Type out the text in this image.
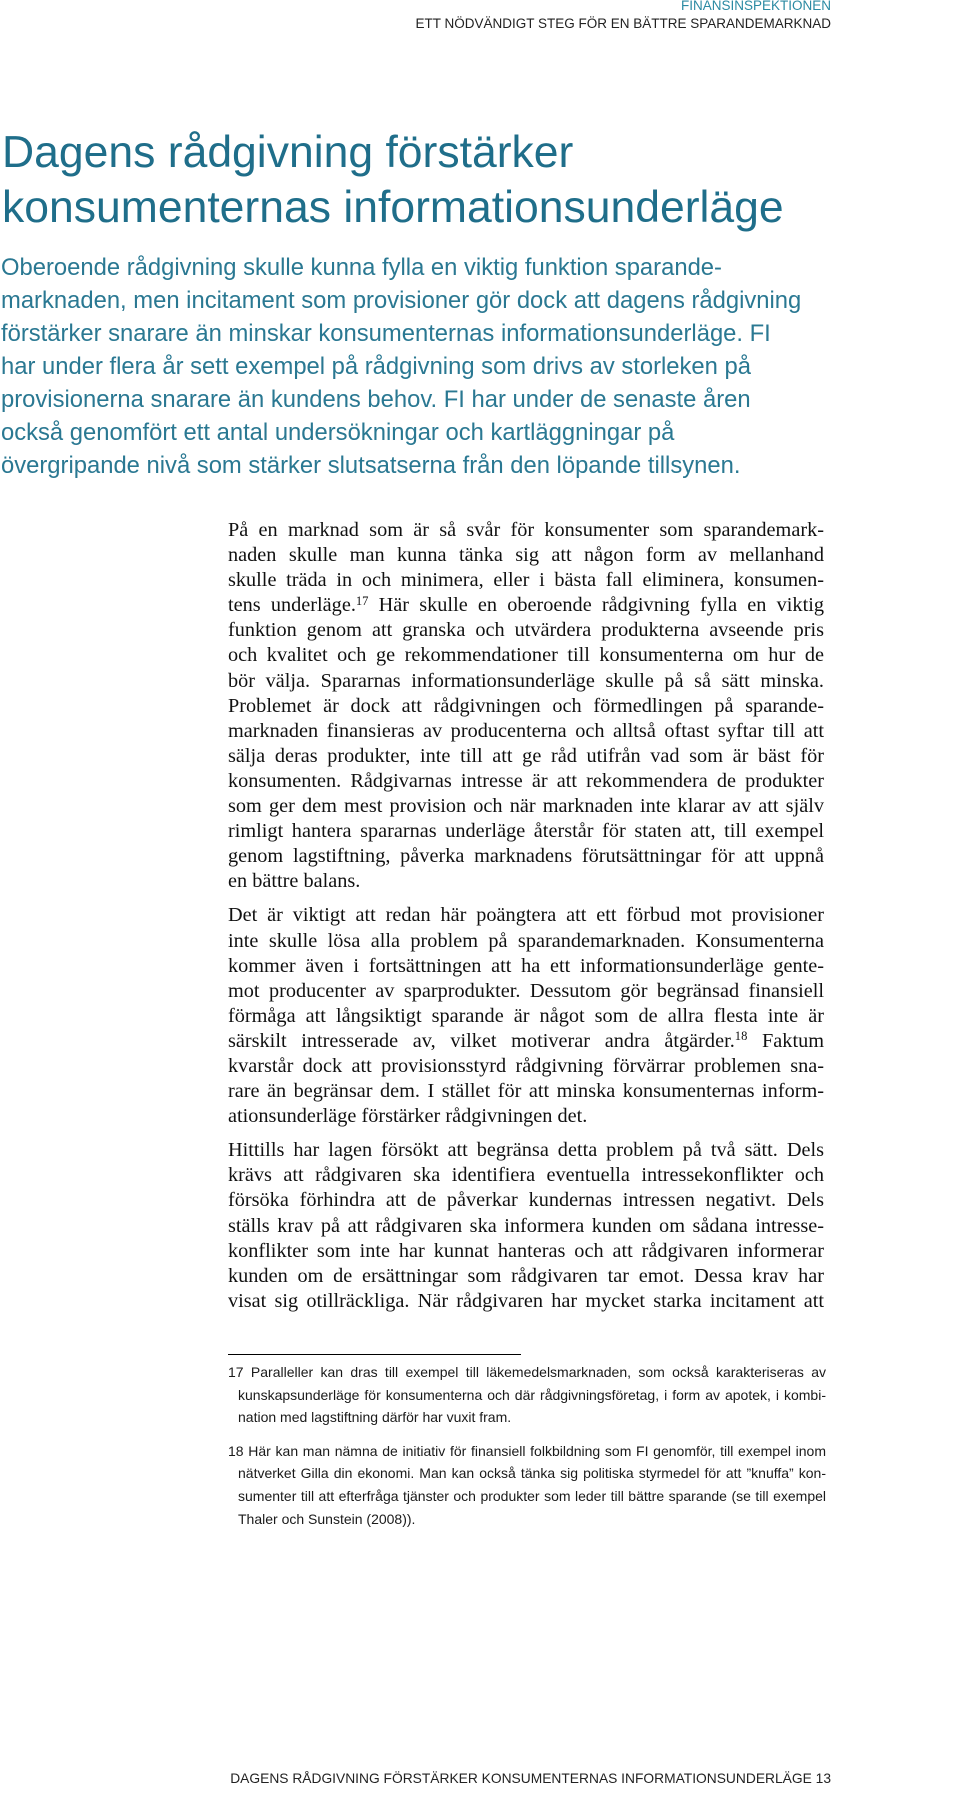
FINANSINSPEKTIONEN
ETT NÖDVÄNDIGT STEG FÖR EN BÄTTRE SPARANDEMARKNAD
Dagens rådgivning förstärker
konsumenternas informationsunderläge
Oberoende rådgivning skulle kunna fylla en viktig funktion sparande-
marknaden, men incitament som provisioner gör dock att dagens rådgivning
förstärker snarare än minskar konsumenternas informationsunderläge. FI
har under flera år sett exempel på rådgivning som drivs av storleken på
provisionerna snarare än kundens behov. FI har under de senaste åren
också genomfört ett antal undersökningar och kartläggningar på
övergripande nivå som stärker slutsatserna från den löpande tillsynen.
På en marknad som är så svår för konsumenter som sparandemark-
naden skulle man kunna tänka sig att någon form av mellanhand
skulle träda in och minimera, eller i bästa fall eliminera, konsumen-
tens underläge.$^{17}$ Här skulle en oberoende rådgivning fylla en viktig
funktion genom att granska och utvärdera produkterna avseende pris
och kvalitet och ge rekommendationer till konsumenterna om hur de
bör välja. Spararnas informationsunderläge skulle på så sätt minska.
Problemet är dock att rådgivningen och förmedlingen på sparande-
marknaden finansieras av producenterna och alltså oftast syftar till att
sälja deras produkter, inte till att ge råd utifrån vad som är bäst för
konsumenten. Rådgivarnas intresse är att rekommendera de produkter
som ger dem mest provision och när marknaden inte klarar av att själv
rimligt hantera spararnas underläge återstår för staten att, till exempel
genom lagstiftning, påverka marknadens förutsättningar för att uppnå
en bättre balans.
Det är viktigt att redan här poängtera att ett förbud mot provisioner
inte skulle lösa alla problem på sparandemarknaden. Konsumenterna
kommer även i fortsättningen att ha ett informationsunderläge gente-
mot producenter av sparprodukter. Dessutom gör begränsad finansiell
förmåga att långsiktigt sparande är något som de allra flesta inte är
särskilt intresserade av, vilket motiverar andra åtgärder.$^{18}$ Faktum
kvarstår dock att provisionsstyrd rådgivning förvärrar problemen sna-
rare än begränsar dem. I stället för att minska konsumenternas inform-
ationsunderläge förstärker rådgivningen det.
Hittills har lagen försökt att begränsa detta problem på två sätt. Dels
krävs att rådgivaren ska identifiera eventuella intressekonflikter och
försöka förhindra att de påverkar kundernas intressen negativt. Dels
ställs krav på att rådgivaren ska informera kunden om sådana intresse-
konflikter som inte har kunnat hanteras och att rådgivaren informerar
kunden om de ersättningar som rådgivaren tar emot. Dessa krav har
visat sig otillräckliga. När rådgivaren har mycket starka incitament att
17 Paralleller kan dras till exempel till läkemedelsmarknaden, som också karakteriseras av
kunskapsunderläge för konsumenterna och där rådgivningsföretag, i form av apotek, i kombi-
nation med lagstiftning därför har vuxit fram.
18 Här kan man nämna de initiativ för finansiell folkbildning som FI genomför, till exempel inom
nätverket Gilla din ekonomi. Man kan också tänka sig politiska styrmedel för att ”knuffa” kon-
sumenter till att efterfråga tjänster och produkter som leder till bättre sparande (se till exempel
Thaler och Sunstein (2008)).
DAGENS RÅDGIVNING FÖRSTÄRKER KONSUMENTERNAS INFORMATIONSUNDERLÄGE 13
